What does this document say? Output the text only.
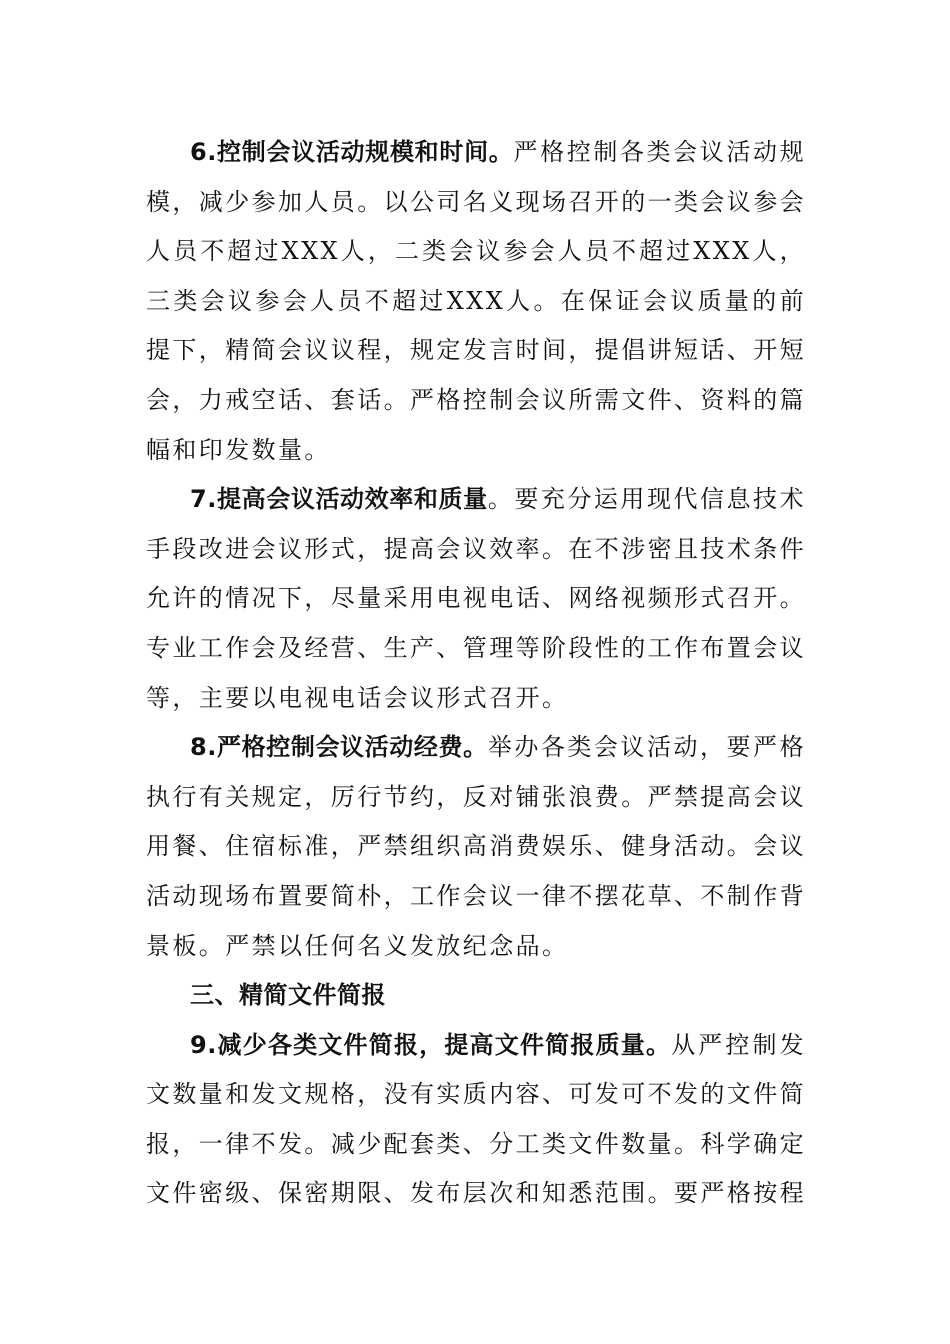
6.控制会议活动规模和时间。严格控制各类会议活动规模，减少参加人员。以公司名义现场召开的一类会议参会人员不超过XXX人，二类会议参会人员不超过XXX人，三类会议参会人员不超过XXX人。在保证会议质量的前提下，精简会议议程，规定发言时间，提倡讲短话、开短会，力戒空话、套话。严格控制会议所需文件、资料的篇幅和印发数量。

7.提高会议活动效率和质量。要充分运用现代信息技术手段改进会议形式，提高会议效率。在不涉密且技术条件允许的情况下，尽量采用电视电话、网络视频形式召开。专业工作会及经营、生产、管理等阶段性的工作布置会议等，主要以电视电话会议形式召开。

8.严格控制会议活动经费。举办各类会议活动，要严格执行有关规定，厉行节约，反对铺张浪费。严禁提高会议用餐、住宿标准，严禁组织高消费娱乐、健身活动。会议活动现场布置要简朴，工作会议一律不摆花草、不制作背景板。严禁以任何名义发放纪念品。

三、精简文件简报

9.减少各类文件简报，提高文件简报质量。从严控制发文数量和发文规格，没有实质内容、可发可不发的文件简报，一律不发。减少配套类、分工类文件数量。科学确定文件密级、保密期限、发布层次和知悉范围。要严格按程
